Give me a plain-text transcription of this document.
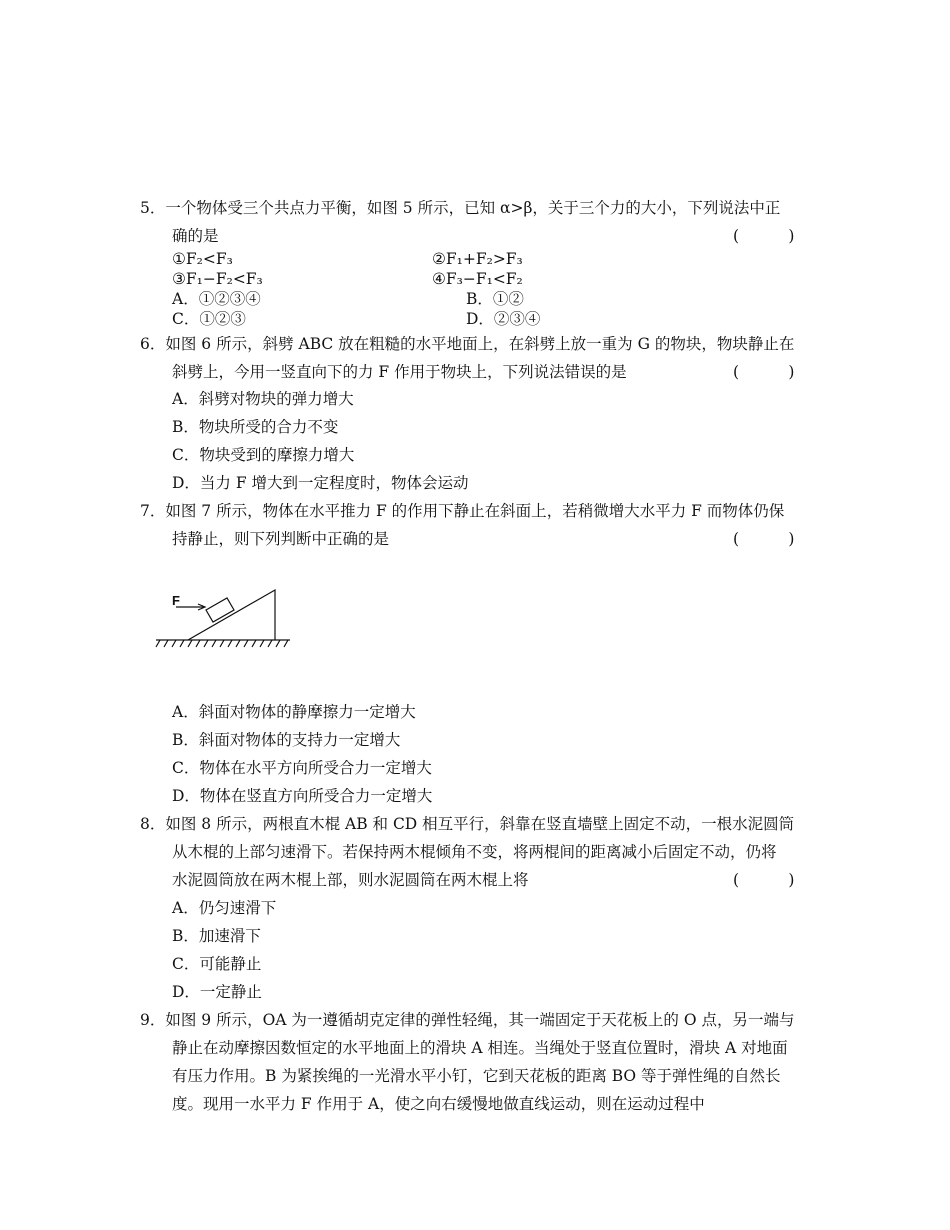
5．一个物体受三个共点力平衡，如图 5 所示，已知 α>β，关于三个力的大小，下列说法中正
确的是	(          )
①F₂<F₃	②F₁+F₂>F₃
③F₁−F₂<F₃	④F₃−F₁<F₂
A．①②③④	B．①②
C．①②③	D．②③④
6．如图 6 所示，斜劈 ABC 放在粗糙的水平地面上，在斜劈上放一重为 G 的物块，物块静止在
斜劈上，今用一竖直向下的力 F 作用于物块上，下列说法错误的是	(          )
A．斜劈对物块的弹力增大
B．物块所受的合力不变
C．物块受到的摩擦力增大
D．当力 F 增大到一定程度时，物体会运动
7．如图 7 所示，物体在水平推力 F 的作用下静止在斜面上，若稍微增大水平力 F 而物体仍保
持静止，则下列判断中正确的是	(          )
F
A．斜面对物体的静摩擦力一定增大
B．斜面对物体的支持力一定增大
C．物体在水平方向所受合力一定增大
D．物体在竖直方向所受合力一定增大
8．如图 8 所示，两根直木棍 AB 和 CD 相互平行，斜靠在竖直墙壁上固定不动，一根水泥圆筒
从木棍的上部匀速滑下。若保持两木棍倾角不变，将两棍间的距离减小后固定不动，仍将
水泥圆筒放在两木棍上部，则水泥圆筒在两木棍上将	(          )
A．仍匀速滑下
B．加速滑下
C．可能静止
D．一定静止
9．如图 9 所示，OA 为一遵循胡克定律的弹性轻绳，其一端固定于天花板上的 O 点，另一端与
静止在动摩擦因数恒定的水平地面上的滑块 A 相连。当绳处于竖直位置时，滑块 A 对地面
有压力作用。B 为紧挨绳的一光滑水平小钉，它到天花板的距离 BO 等于弹性绳的自然长
度。现用一水平力 F 作用于 A，使之向右缓慢地做直线运动，则在运动过程中
